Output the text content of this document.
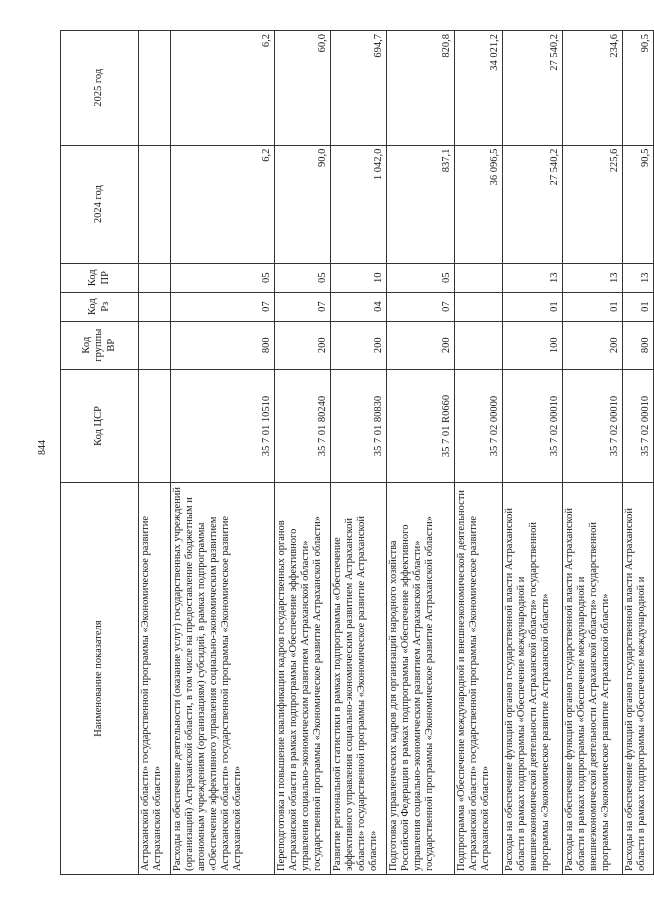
844
Наименование показателя	Код ЦСР	Код группы ВР	Код Рз	Код ПР	2024 год	2025 год
Астраханской области» государственной программы «Экономическое развитие Астраханской области»						
Расходы на обеспечение деятельности (оказание услуг) государственных учреждений (организаций) Астраханской области, в том числе на предоставление бюджетным и автономным учреждениям (организациям) субсидий, в рамках подпрограммы «Обеспечение эффективного управления социально-экономическим развитием Астраханской области» государственной программы «Экономическое развитие Астраханской области»	35 7 01 10510	800	07	05	6,2	6,2
Переподготовка и повышение квалификации кадров государственных органов Астраханской области в рамках подпрограммы «Обеспечение эффективного управления социально-экономическим развитием Астраханской области» государственной программы «Экономическое развитие Астраханской области»	35 7 01 80240	200	07	05	90,0	60,0
Развитие региональной статистики в рамках подпрограммы «Обеспечение эффективного управления социально-экономическим развитием Астраханской области» государственной программы «Экономическое развитие Астраханской области»	35 7 01 80830	200	04	10	1 042,0	694,7
Подготовка управленческих кадров для организаций народного хозяйства Российской Федерации в рамках подпрограммы «Обеспечение эффективного управления социально-экономическим развитием Астраханской области» государственной программы «Экономическое развитие Астраханской области»	35 7 01 R0660	200	07	05	837,1	820,8
Подпрограмма «Обеспечение международной и внешнеэкономической деятельности Астраханской области» государственной программы «Экономическое развитие Астраханской области»	35 7 02 00000				36 096,5	34 021,2
Расходы на обеспечение функций органов государственной власти Астраханской области в рамках подпрограммы «Обеспечение международной и внешнеэкономической деятельности Астраханской области» государственной программы «Экономическое развитие Астраханской области»	35 7 02 00010	100	01	13	27 540,2	27 540,2
Расходы на обеспечение функций органов государственной власти Астраханской области в рамках подпрограммы «Обеспечение международной и внешнеэкономической деятельности Астраханской области» государственной программы «Экономическое развитие Астраханской области»	35 7 02 00010	200	01	13	225,6	234,6
Расходы на обеспечение функций органов государственной власти Астраханской области в рамках подпрограммы «Обеспечение международной и	35 7 02 00010	800	01	13	90,5	90,5
